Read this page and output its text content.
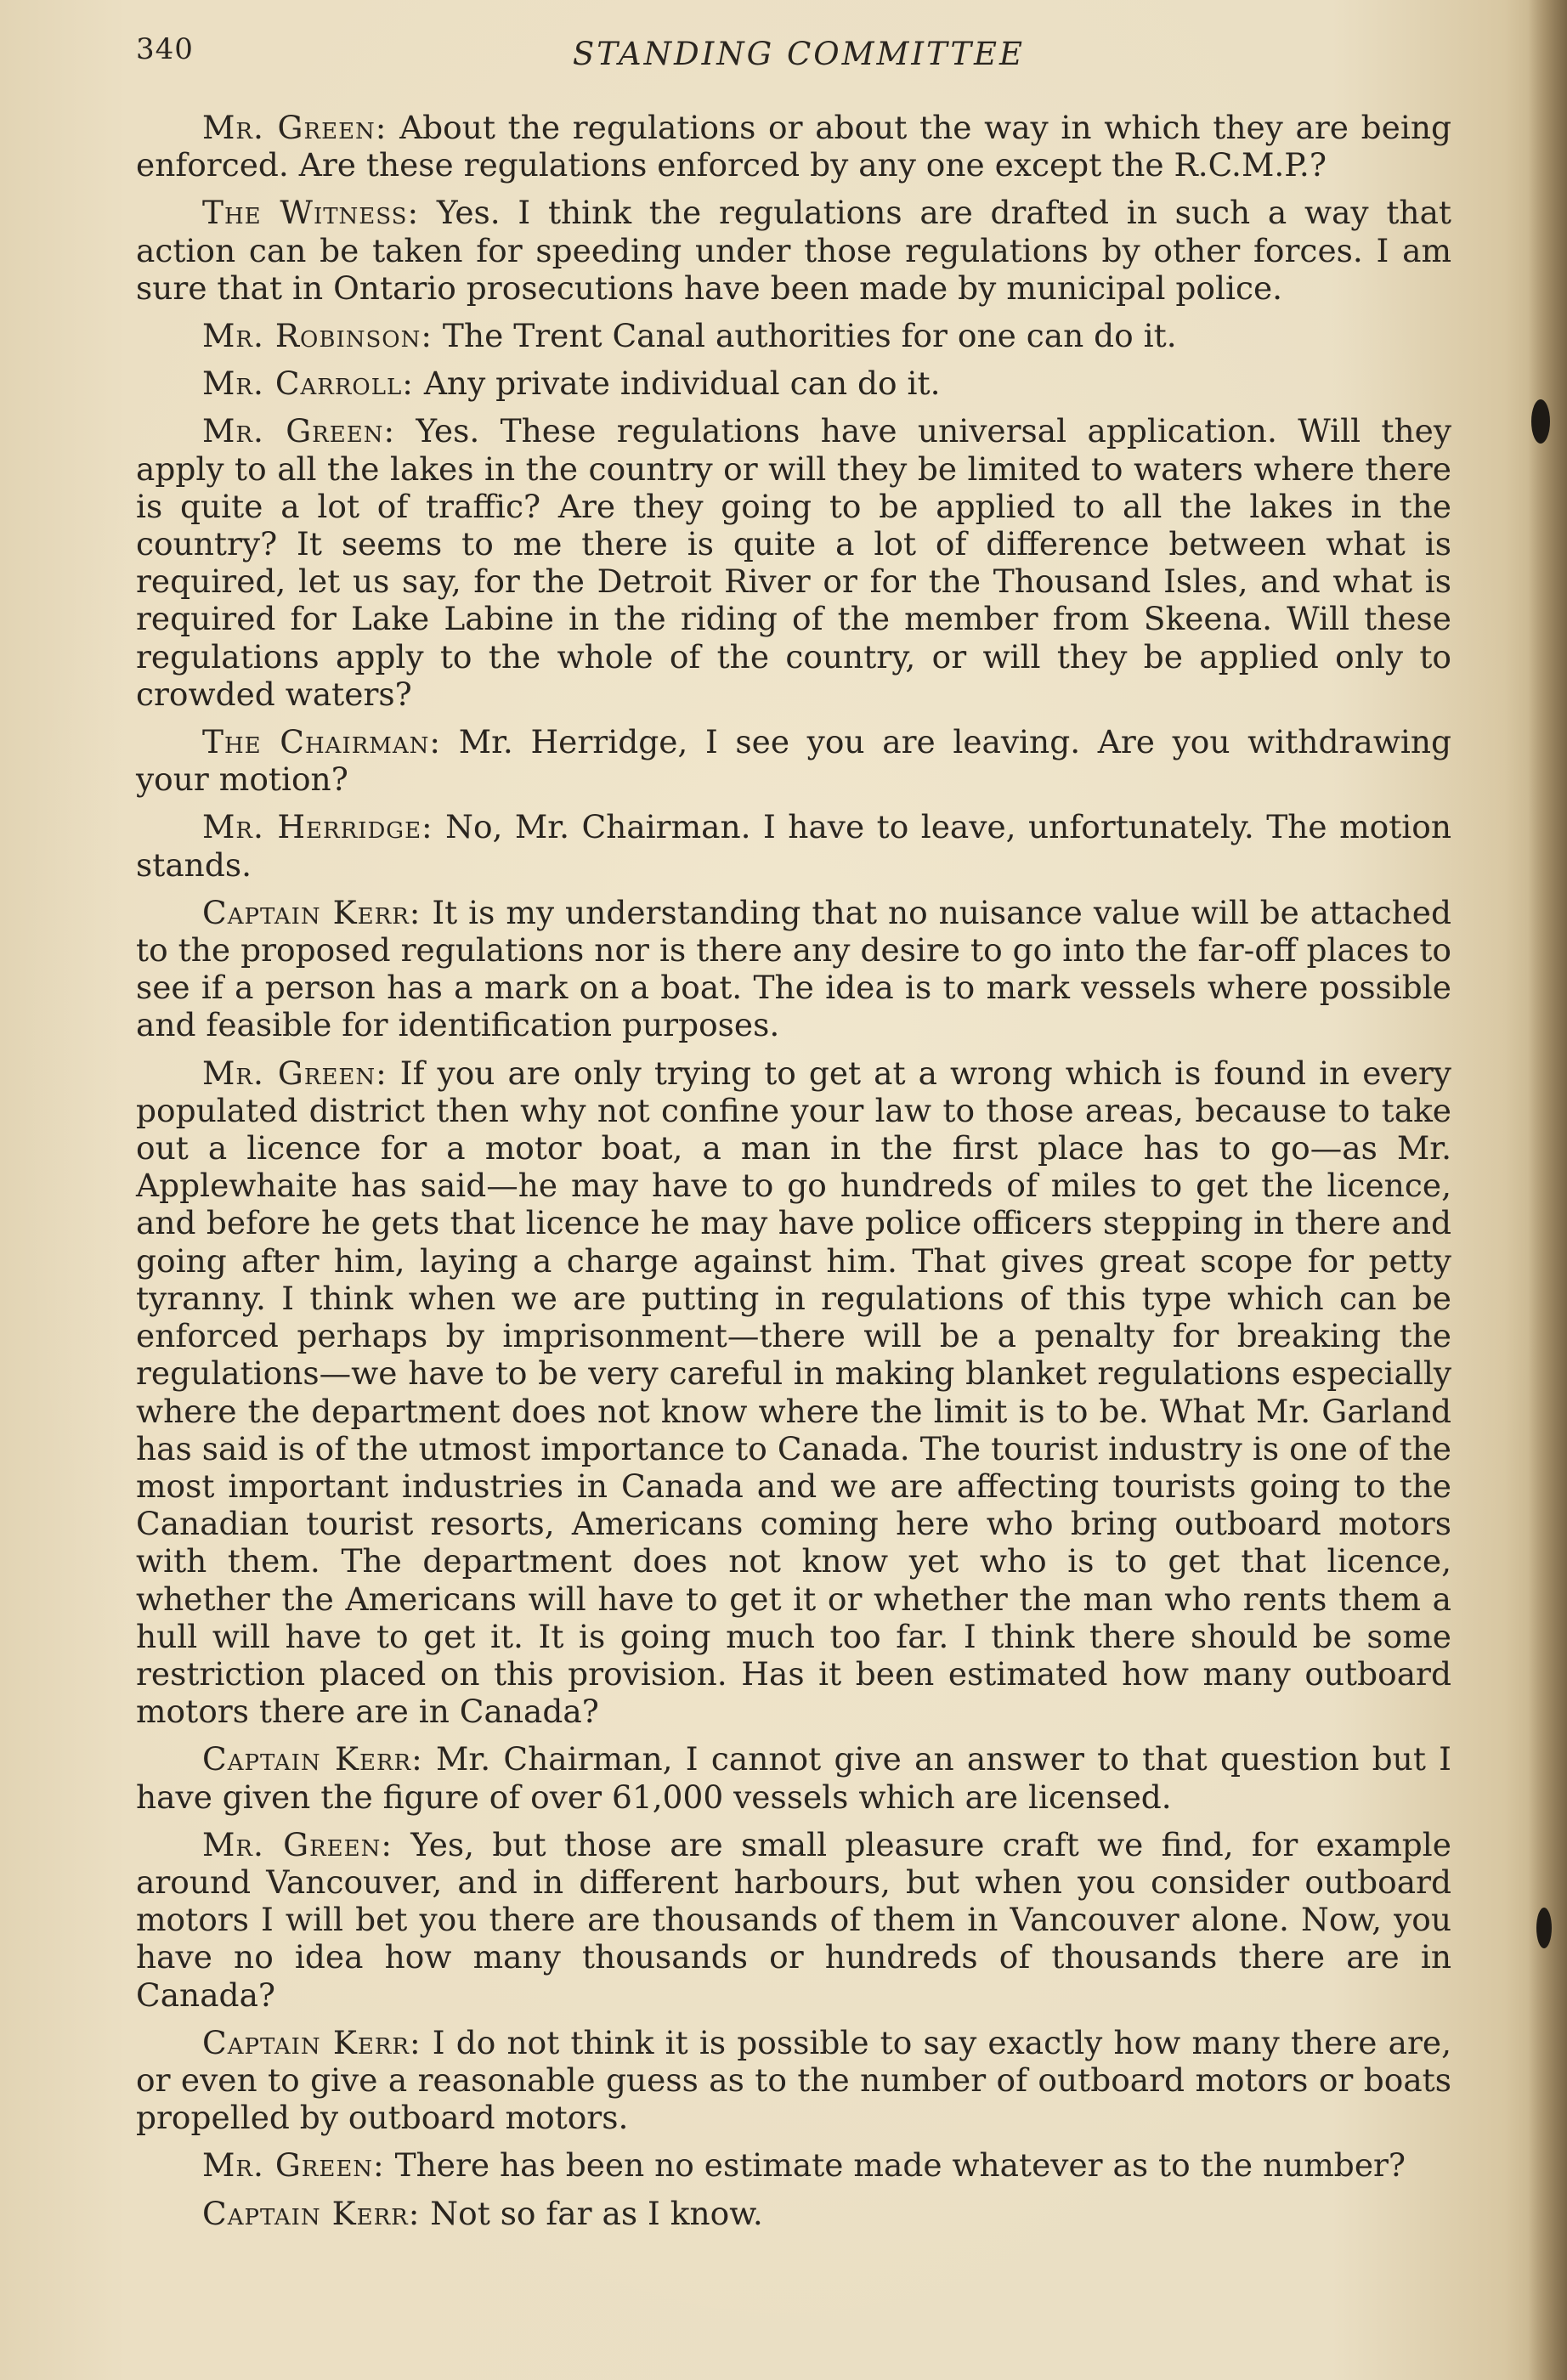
340	STANDING COMMITTEE

Mr. Green: About the regulations or about the way in which they are being enforced. Are these regulations enforced by any one except the R.C.M.P.?

The Witness: Yes. I think the regulations are drafted in such a way that action can be taken for speeding under those regulations by other forces. I am sure that in Ontario prosecutions have been made by municipal police.

Mr. Robinson: The Trent Canal authorities for one can do it.

Mr. Carroll: Any private individual can do it.

Mr. Green: Yes. These regulations have universal application. Will they apply to all the lakes in the country or will they be limited to waters where there is quite a lot of traffic? Are they going to be applied to all the lakes in the country? It seems to me there is quite a lot of difference between what is required, let us say, for the Detroit River or for the Thousand Isles, and what is required for Lake Labine in the riding of the member from Skeena. Will these regulations apply to the whole of the country, or will they be applied only to crowded waters?

The Chairman: Mr. Herridge, I see you are leaving. Are you withdrawing your motion?

Mr. Herridge: No, Mr. Chairman. I have to leave, unfortunately. The motion stands.

Captain Kerr: It is my understanding that no nuisance value will be attached to the proposed regulations nor is there any desire to go into the far-off places to see if a person has a mark on a boat. The idea is to mark vessels where possible and feasible for identification purposes.

Mr. Green: If you are only trying to get at a wrong which is found in every populated district then why not confine your law to those areas, because to take out a licence for a motor boat, a man in the first place has to go—as Mr. Applewhaite has said—he may have to go hundreds of miles to get the licence, and before he gets that licence he may have police officers stepping in there and going after him, laying a charge against him. That gives great scope for petty tyranny. I think when we are putting in regulations of this type which can be enforced perhaps by imprisonment—there will be a penalty for breaking the regulations—we have to be very careful in making blanket regulations especially where the department does not know where the limit is to be. What Mr. Garland has said is of the utmost importance to Canada. The tourist industry is one of the most important industries in Canada and we are affecting tourists going to the Canadian tourist resorts, Americans coming here who bring outboard motors with them. The department does not know yet who is to get that licence, whether the Americans will have to get it or whether the man who rents them a hull will have to get it. It is going much too far. I think there should be some restriction placed on this provision. Has it been estimated how many outboard motors there are in Canada?

Captain Kerr: Mr. Chairman, I cannot give an answer to that question but I have given the figure of over 61,000 vessels which are licensed.

Mr. Green: Yes, but those are small pleasure craft we find, for example around Vancouver, and in different harbours, but when you consider outboard motors I will bet you there are thousands of them in Vancouver alone. Now, you have no idea how many thousands or hundreds of thousands there are in Canada?

Captain Kerr: I do not think it is possible to say exactly how many there are, or even to give a reasonable guess as to the number of outboard motors or boats propelled by outboard motors.

Mr. Green: There has been no estimate made whatever as to the number?

Captain Kerr: Not so far as I know.
